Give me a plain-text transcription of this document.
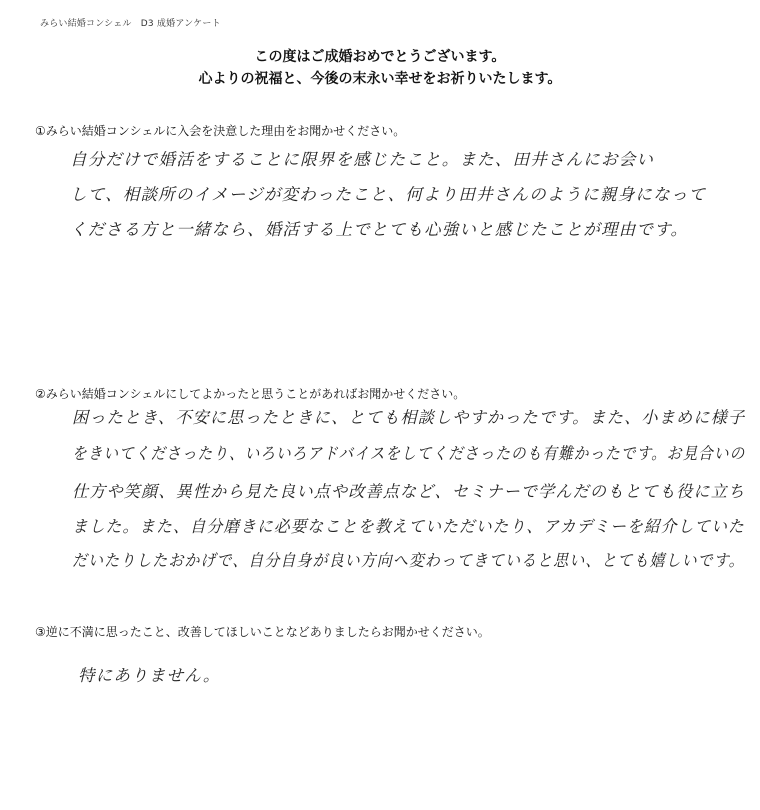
みらい結婚コンシェル　D3 成婚アンケート
この度はご成婚おめでとうございます。
心よりの祝福と、今後の末永い幸せをお祈りいたします。
①みらい結婚コンシェルに入会を決意した理由をお聞かせください。
自分だけで婚活をすることに限界を感じたこと。また、田井さんにお会い
して、相談所のイメージが変わったこと、何より田井さんのように親身になって
くださる方と一緒なら、婚活する上でとても心強いと感じたことが理由です。
②みらい結婚コンシェルにしてよかったと思うことがあればお聞かせください。
困ったとき、不安に思ったときに、とても相談しやすかったです。また、小まめに様子
をきいてくださったり、いろいろアドバイスをしてくださったのも有難かったです。お見合いの
仕方や笑顔、異性から見た良い点や改善点など、セミナーで学んだのもとても役に立ち
ました。また、自分磨きに必要なことを教えていただいたり、アカデミーを紹介していた
だいたりしたおかげで、自分自身が良い方向へ変わってきていると思い、とても嬉しいです。
③逆に不満に思ったこと、改善してほしいことなどありましたらお聞かせください。
特にありません。
